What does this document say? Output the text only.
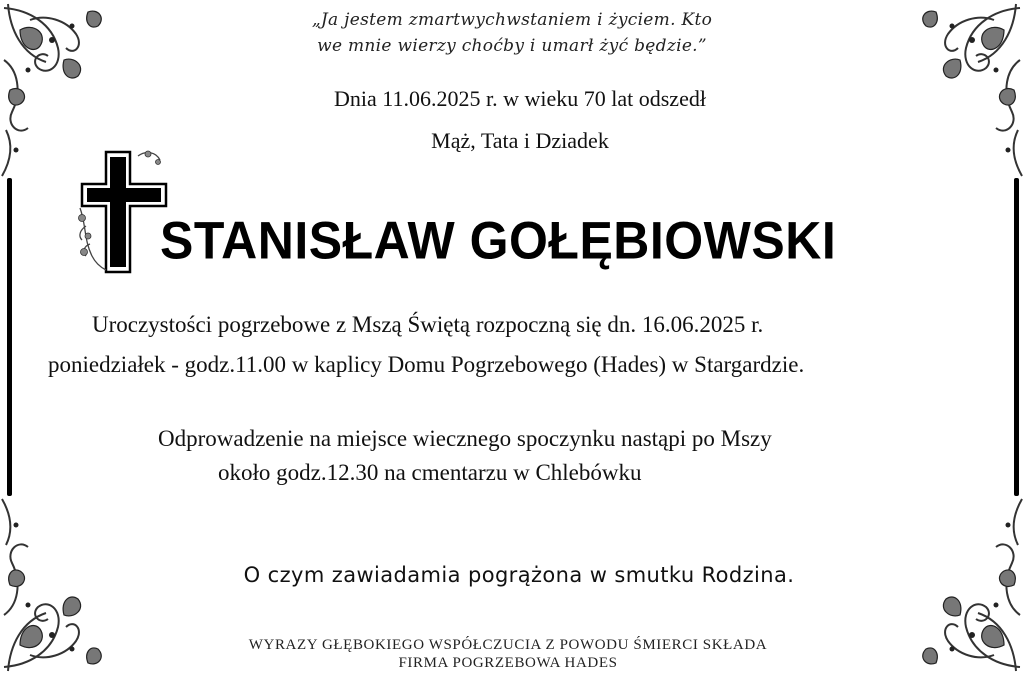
„Ja jestem zmartwychwstaniem i życiem. Kto
we mnie wierzy choćby i umarł żyć będzie.”
Dnia 11.06.2025 r. w wieku 70 lat odszedł
Mąż, Tata i Dziadek
STANISŁAW GOŁĘBIOWSKI
Uroczystości pogrzebowe z Mszą Świętą rozpoczną się dn. 16.06.2025 r.
poniedziałek - godz.11.00 w kaplicy Domu Pogrzebowego (Hades) w Stargardzie.
Odprowadzenie na miejsce wiecznego spoczynku nastąpi po Mszy
około godz.12.30 na cmentarzu w Chlebówku
O czym zawiadamia pogrążona w smutku Rodzina.
WYRAZY GŁĘBOKIEGO WSPÓŁCZUCIA Z POWODU ŚMIERCI SKŁADA
FIRMA POGRZEBOWA HADES
